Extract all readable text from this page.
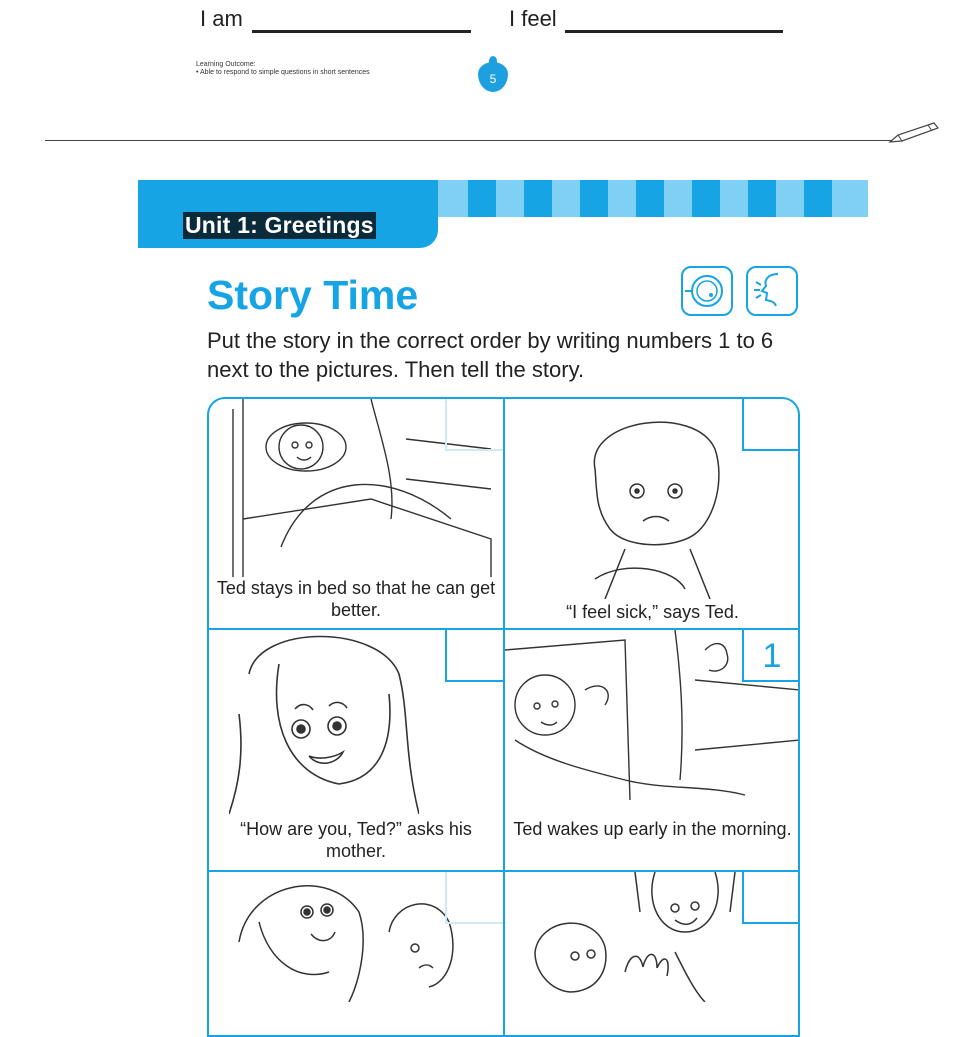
I am	I feel
Learning Outcome:
• Able to respond to simple questions in short sentences	5
Unit 1: Greetings
Story Time
Put the story in the correct order by writing numbers 1 to 6 next to the pictures. Then tell the story.
Ted stays in bed so that he can get better.	“I feel sick,” says Ted.
“How are you, Ted?” asks his mother.
1
Ted wakes up early in the morning.
